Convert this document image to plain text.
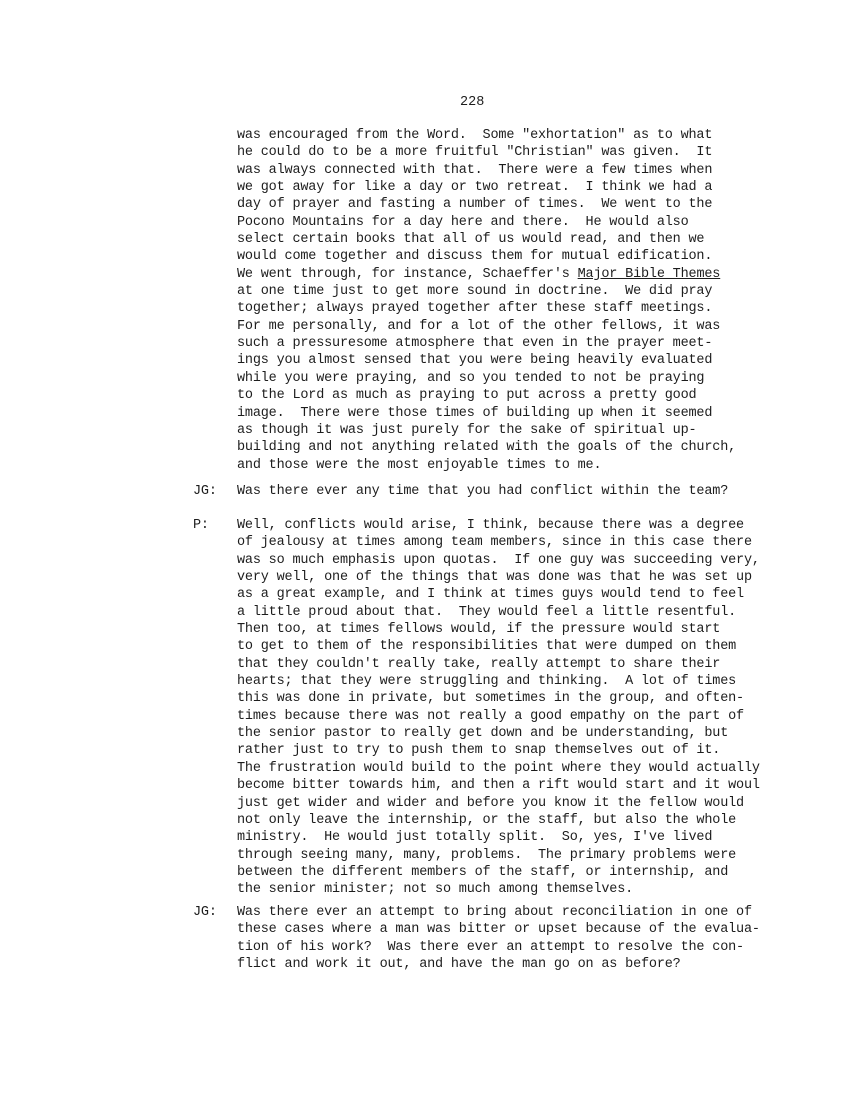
228
was encouraged from the Word.  Some "exhortation" as to what
he could do to be a more fruitful "Christian" was given.  It
was always connected with that.  There were a few times when
we got away for like a day or two retreat.  I think we had a
day of prayer and fasting a number of times.  We went to the
Pocono Mountains for a day here and there.  He would also
select certain books that all of us would read, and then we
would come together and discuss them for mutual edification.
We went through, for instance, Schaeffer's Major Bible Themes
at one time just to get more sound in doctrine.  We did pray
together; always prayed together after these staff meetings.
For me personally, and for a lot of the other fellows, it was
such a pressuresome atmosphere that even in the prayer meet-
ings you almost sensed that you were being heavily evaluated
while you were praying, and so you tended to not be praying
to the Lord as much as praying to put across a pretty good
image.  There were those times of building up when it seemed
as though it was just purely for the sake of spiritual up-
building and not anything related with the goals of the church,
and those were the most enjoyable times to me.
JG: Was there ever any time that you had conflict within the team?
P: Well, conflicts would arise, I think, because there was a degree
of jealousy at times among team members, since in this case there
was so much emphasis upon quotas.  If one guy was succeeding very,
very well, one of the things that was done was that he was set up
as a great example, and I think at times guys would tend to feel
a little proud about that.  They would feel a little resentful.
Then too, at times fellows would, if the pressure would start
to get to them of the responsibilities that were dumped on them
that they couldn't really take, really attempt to share their
hearts; that they were struggling and thinking.  A lot of times
this was done in private, but sometimes in the group, and often-
times because there was not really a good empathy on the part of
the senior pastor to really get down and be understanding, but
rather just to try to push them to snap themselves out of it.
The frustration would build to the point where they would actually
become bitter towards him, and then a rift would start and it woul
just get wider and wider and before you know it the fellow would
not only leave the internship, or the staff, but also the whole
ministry.  He would just totally split.  So, yes, I've lived
through seeing many, many, problems.  The primary problems were
between the different members of the staff, or internship, and
the senior minister; not so much among themselves.
JG: Was there ever an attempt to bring about reconciliation in one of
these cases where a man was bitter or upset because of the evalua-
tion of his work?  Was there ever an attempt to resolve the con-
flict and work it out, and have the man go on as before?
